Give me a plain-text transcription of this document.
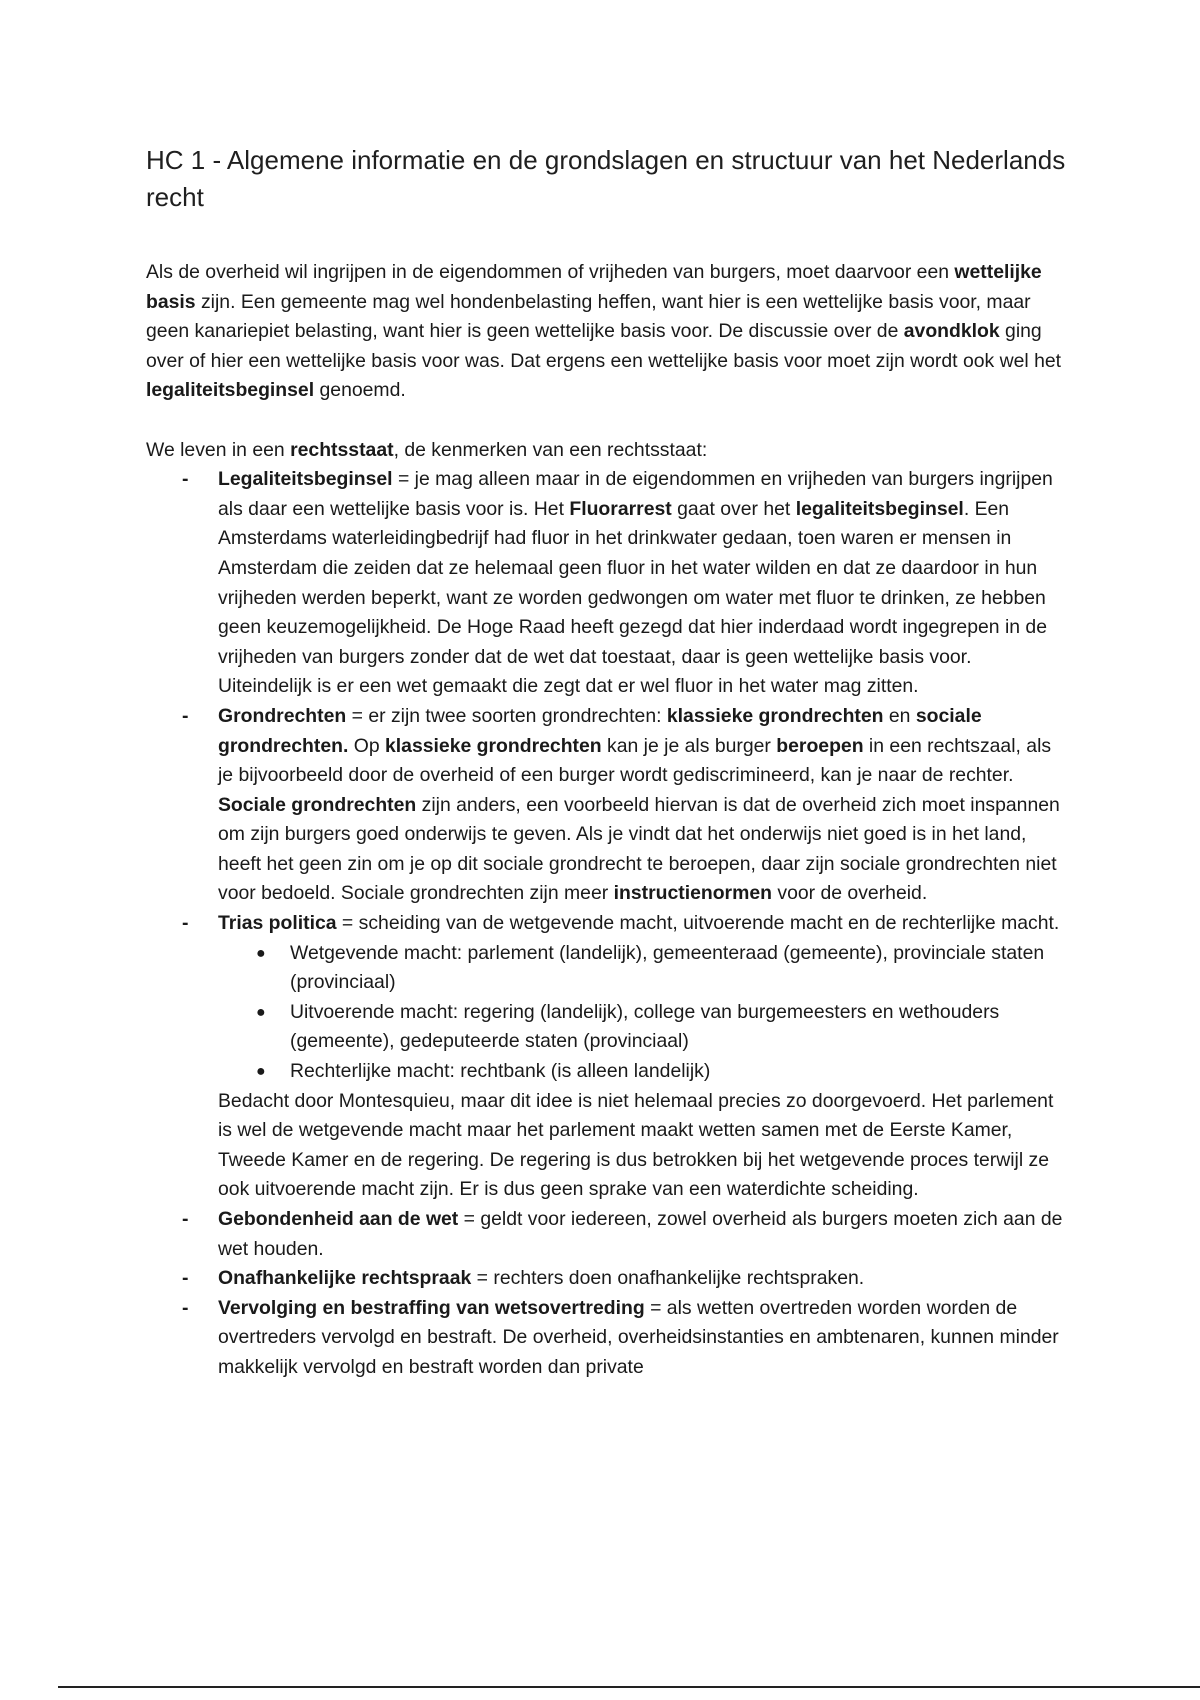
HC 1 - Algemene informatie en de grondslagen en structuur van het Nederlands recht

Als de overheid wil ingrijpen in de eigendommen of vrijheden van burgers, moet daarvoor een wettelijke basis zijn. Een gemeente mag wel hondenbelasting heffen, want hier is een wettelijke basis voor, maar geen kanariepiet belasting, want hier is geen wettelijke basis voor. De discussie over de avondklok ging over of hier een wettelijke basis voor was. Dat ergens een wettelijke basis voor moet zijn wordt ook wel het legaliteitsbeginsel genoemd.

We leven in een rechtsstaat, de kenmerken van een rechtsstaat:

- Legaliteitsbeginsel = je mag alleen maar in de eigendommen en vrijheden van burgers ingrijpen als daar een wettelijke basis voor is. Het Fluorarrest gaat over het legaliteitsbeginsel. Een Amsterdams waterleidingbedrijf had fluor in het drinkwater gedaan, toen waren er mensen in Amsterdam die zeiden dat ze helemaal geen fluor in het water wilden en dat ze daardoor in hun vrijheden werden beperkt, want ze worden gedwongen om water met fluor te drinken, ze hebben geen keuzemogelijkheid. De Hoge Raad heeft gezegd dat hier inderdaad wordt ingegrepen in de vrijheden van burgers zonder dat de wet dat toestaat, daar is geen wettelijke basis voor. Uiteindelijk is er een wet gemaakt die zegt dat er wel fluor in het water mag zitten.
- Grondrechten = er zijn twee soorten grondrechten: klassieke grondrechten en sociale grondrechten. Op klassieke grondrechten kan je je als burger beroepen in een rechtszaal, als je bijvoorbeeld door de overheid of een burger wordt gediscrimineerd, kan je naar de rechter. Sociale grondrechten zijn anders, een voorbeeld hiervan is dat de overheid zich moet inspannen om zijn burgers goed onderwijs te geven. Als je vindt dat het onderwijs niet goed is in het land, heeft het geen zin om je op dit sociale grondrecht te beroepen, daar zijn sociale grondrechten niet voor bedoeld. Sociale grondrechten zijn meer instructienormen voor de overheid.
- Trias politica = scheiding van de wetgevende macht, uitvoerende macht en de rechterlijke macht.
● Wetgevende macht: parlement (landelijk), gemeenteraad (gemeente), provinciale staten (provinciaal)
● Uitvoerende macht: regering (landelijk), college van burgemeesters en wethouders (gemeente), gedeputeerde staten (provinciaal)
● Rechterlijke macht: rechtbank (is alleen landelijk)
Bedacht door Montesquieu, maar dit idee is niet helemaal precies zo doorgevoerd. Het parlement is wel de wetgevende macht maar het parlement maakt wetten samen met de Eerste Kamer, Tweede Kamer en de regering. De regering is dus betrokken bij het wetgevende proces terwijl ze ook uitvoerende macht zijn. Er is dus geen sprake van een waterdichte scheiding.
- Gebondenheid aan de wet = geldt voor iedereen, zowel overheid als burgers moeten zich aan de wet houden.
- Onafhankelijke rechtspraak = rechters doen onafhankelijke rechtspraken.
- Vervolging en bestraffing van wetsovertreding = als wetten overtreden worden worden de overtreders vervolgd en bestraft. De overheid, overheidsinstanties en ambtenaren, kunnen minder makkelijk vervolgd en bestraft worden dan private
